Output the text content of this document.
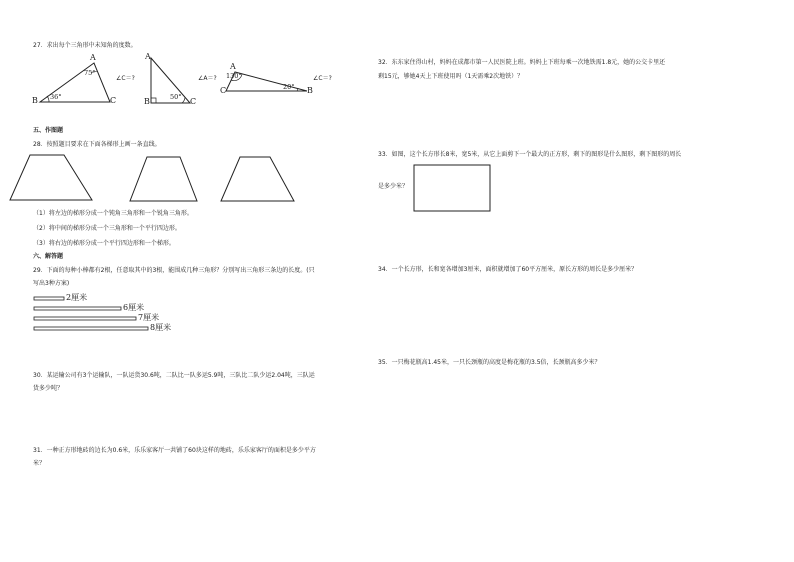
27．求出每个三角形中未知角的度数。
A
B	C
75°
36°
∠C＝?
A
B	C
50°
∠A＝?
A
C	B
130°
20°
∠C＝?
五、作图题
28．按照题目要求在下面各梯形上画一条直线。
（1）将左边的梯形分成一个钝角三角形和一个锐角三角形。
（2）将中间的梯形分成一个三角形和一个平行四边形。
（3）将右边的梯形分成一个平行四边形和一个梯形。
六、解答题
29．下面的每种小棒都有2根，任意取其中的3根，能围成几种三角形？分别写出三角形三条边的长度。(只
写出3种方案)
2厘米
6厘米
7厘米
8厘米
30．某运输公司有3个运输队，一队运货30.6吨，二队比一队多运5.9吨，三队比二队少运2.04吨，三队运
货多少吨？
31．一种正方形地砖的边长为0.6米，乐乐家客厅一共铺了60块这样的地砖，乐乐家客厅的面积是多少平方
米？
32．东东家住得山村，妈妈在成都市第一人民医院上班。妈妈上下班每乘一次地铁需1.8元，她的公交卡里还
剩15元，够她4天上下班使用吗（1天需乘2次地铁）？
33．如图，这个长方形长8米，宽5米，从它上面剪下一个最大的正方形，剩下的图形是什么图形，剩下图形的周长
是多少米？
34．一个长方形，长和宽各增加3厘米，面积就增加了60平方厘米，原长方形的周长是多少厘米？
35．一只梅花瓶高1.45米，一只长颈瓶的高度是梅花瓶的3.5倍，长颈瓶高多少米？
